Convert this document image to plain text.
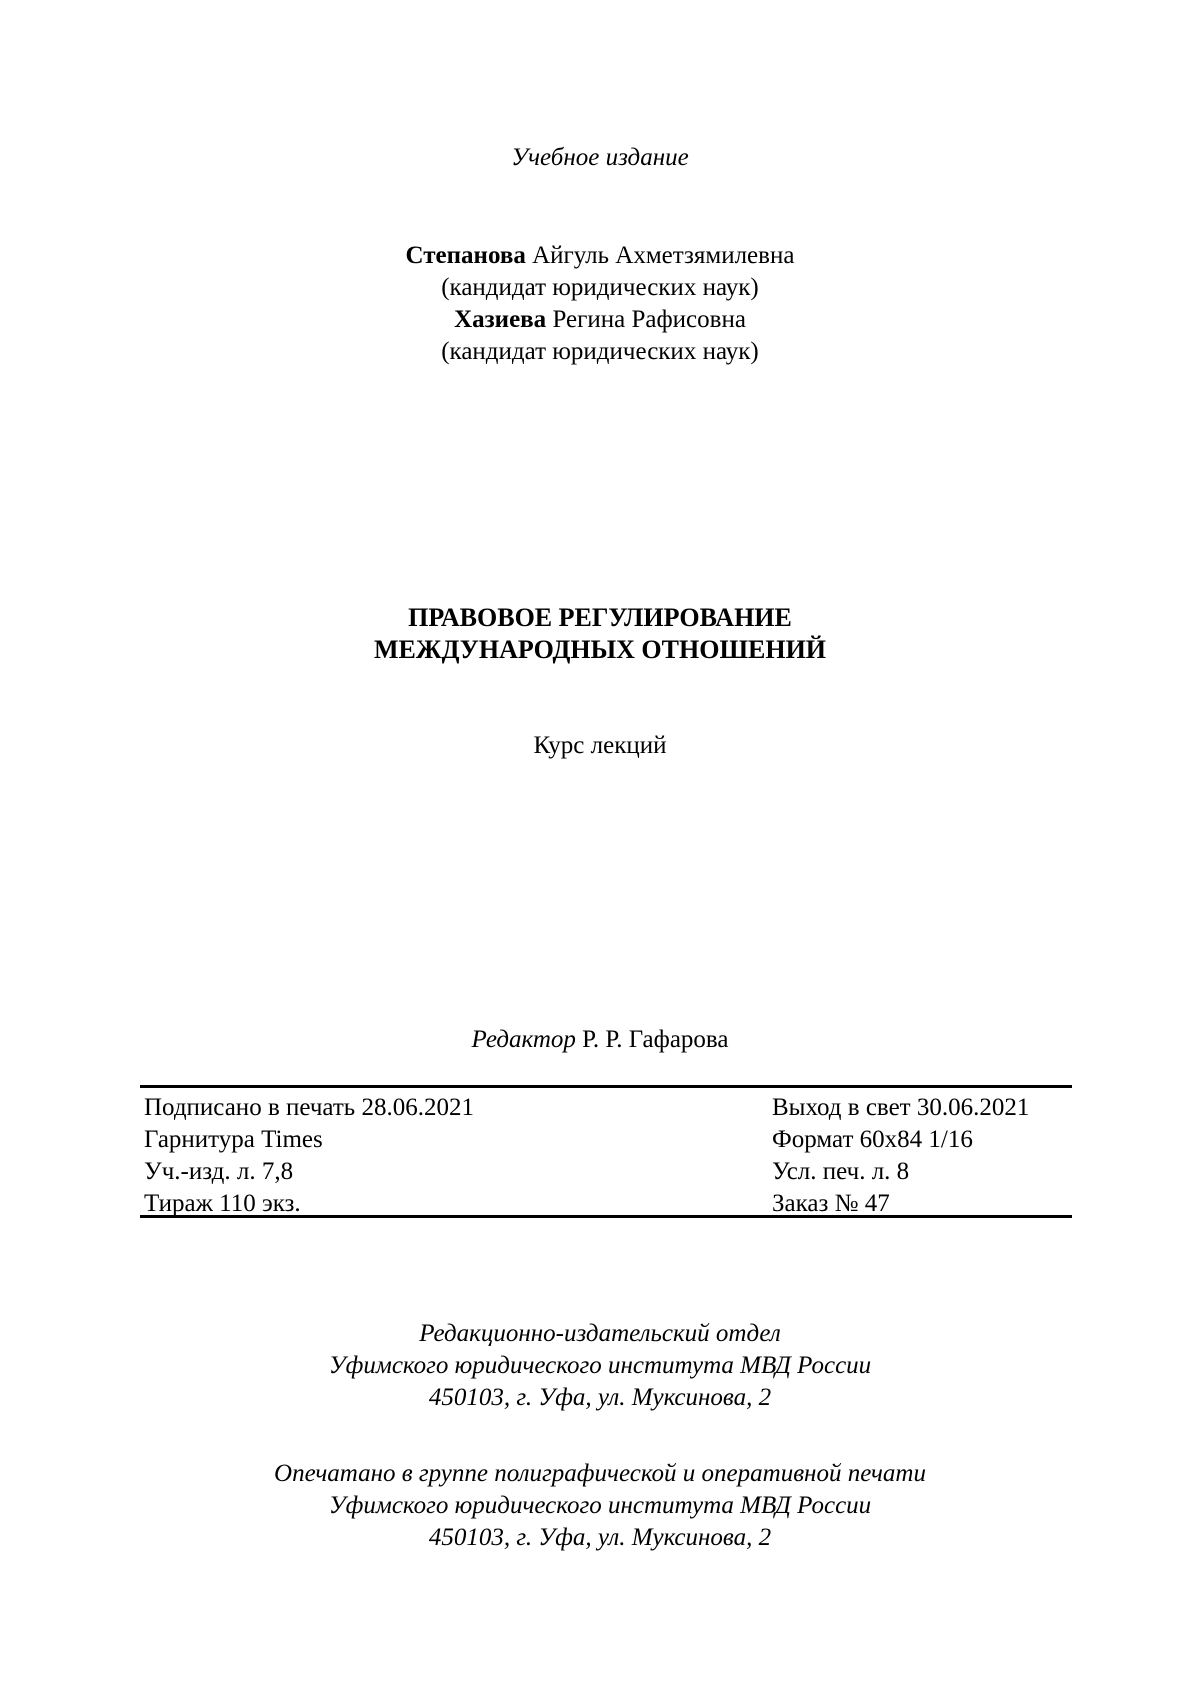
Учебное издание
Степанова Айгуль Ахметзямилевна
(кандидат юридических наук)
Хазиева Регина Рафисовна
(кандидат юридических наук)
ПРАВОВОЕ РЕГУЛИРОВАНИЕ
МЕЖДУНАРОДНЫХ ОТНОШЕНИЙ
Курс лекций
Редактор Р. Р. Гафарова
Подписано в печать 28.06.2021	Выход в свет 30.06.2021
Гарнитура Times	Формат 60х84 1/16
Уч.-изд. л. 7,8	Усл. печ. л. 8
Тираж 110 экз.	Заказ № 47
Редакционно-издательский отдел
Уфимского юридического института МВД России
450103, г. Уфа, ул. Муксинова, 2
Опечатано в группе полиграфической и оперативной печати
Уфимского юридического института МВД России
450103, г. Уфа, ул. Муксинова, 2
